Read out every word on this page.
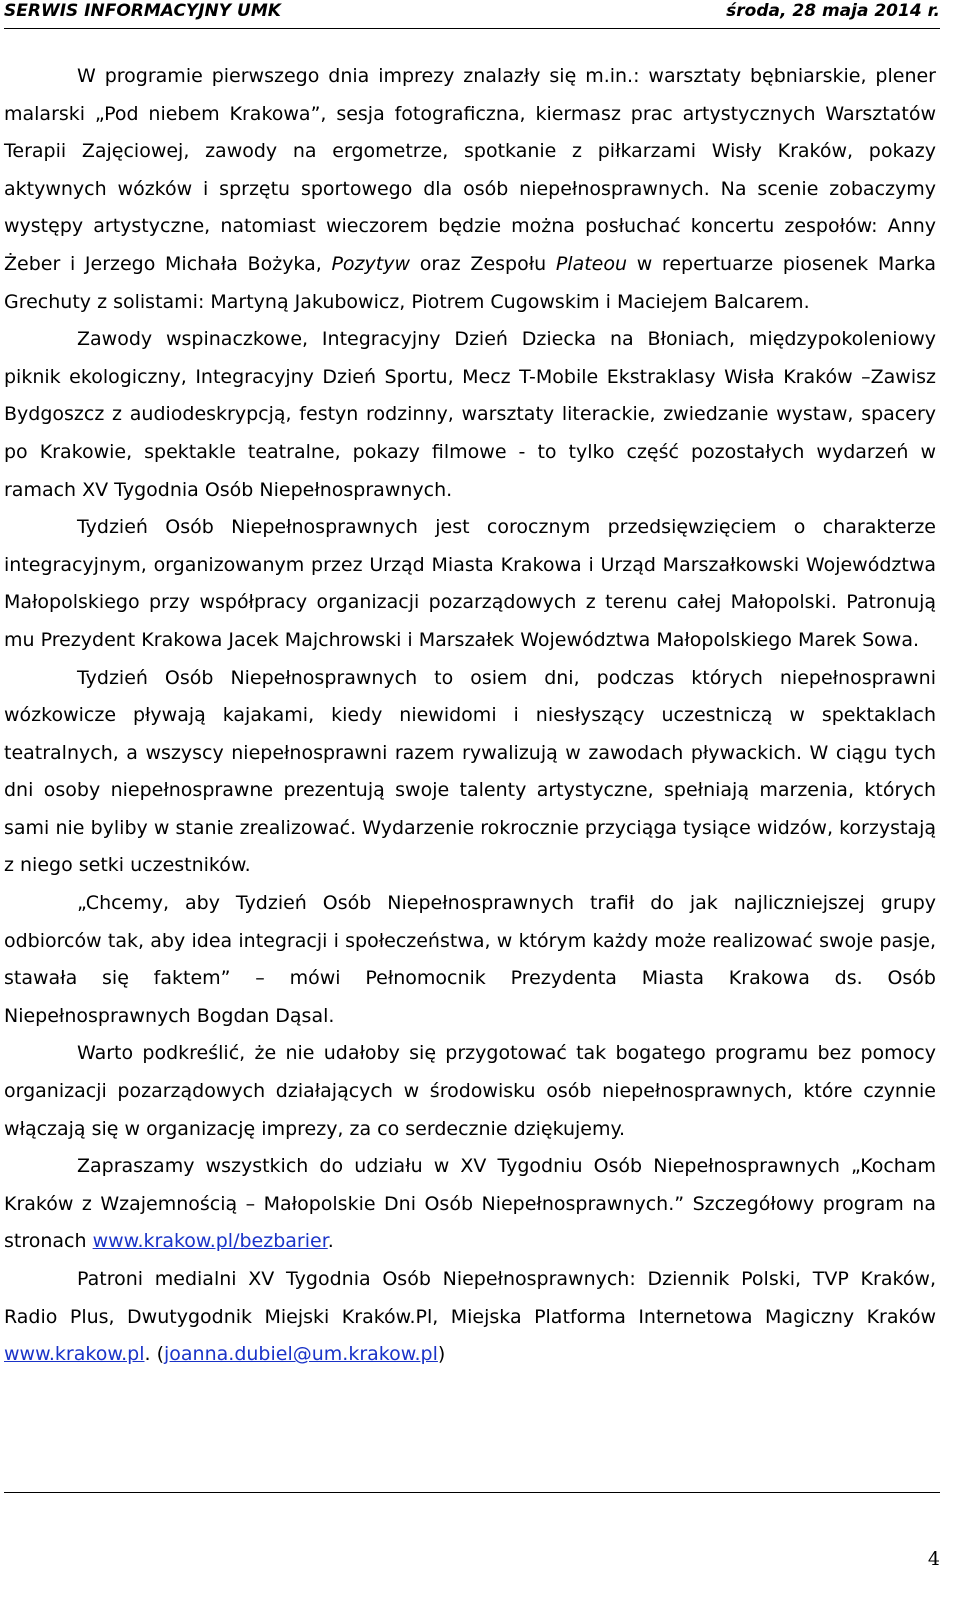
SERWIS INFORMACYJNY UMK	środa, 28 maja 2014 r.

W programie pierwszego dnia imprezy znalazły się m.in.: warsztaty bębniarskie, plener malarski „Pod niebem Krakowa”, sesja fotograficzna, kiermasz prac artystycznych Warsztatów Terapii Zajęciowej, zawody na ergometrze, spotkanie z piłkarzami Wisły Kraków, pokazy aktywnych wózków i sprzętu sportowego dla osób niepełnosprawnych. Na scenie zobaczymy występy artystyczne, natomiast wieczorem będzie można posłuchać koncertu zespołów: Anny Żeber i Jerzego Michała Bożyka, Pozytyw oraz Zespołu Plateou w repertuarze piosenek Marka Grechuty z solistami: Martyną Jakubowicz, Piotrem Cugowskim i Maciejem Balcarem.

Zawody wspinaczkowe, Integracyjny Dzień Dziecka na Błoniach, międzypokoleniowy piknik ekologiczny, Integracyjny Dzień Sportu, Mecz T-Mobile Ekstraklasy Wisła Kraków –Zawisz Bydgoszcz z audiodeskrypcją, festyn rodzinny, warsztaty literackie, zwiedzanie wystaw, spacery po Krakowie, spektakle teatralne, pokazy filmowe - to tylko część pozostałych wydarzeń w ramach XV Tygodnia Osób Niepełnosprawnych.

Tydzień Osób Niepełnosprawnych jest corocznym przedsięwzięciem o charakterze integracyjnym, organizowanym przez Urząd Miasta Krakowa i Urząd Marszałkowski Województwa Małopolskiego przy współpracy organizacji pozarządowych z terenu całej Małopolski. Patronują mu Prezydent Krakowa Jacek Majchrowski i Marszałek Województwa Małopolskiego Marek Sowa.

Tydzień Osób Niepełnosprawnych to osiem dni, podczas których niepełnosprawni wózkowicze pływają kajakami, kiedy niewidomi i niesłyszący uczestniczą w spektaklach teatralnych, a wszyscy niepełnosprawni razem rywalizują w zawodach pływackich. W ciągu tych dni osoby niepełnosprawne prezentują swoje talenty artystyczne, spełniają marzenia, których sami nie byliby w stanie zrealizować. Wydarzenie rokrocznie przyciąga tysiące widzów, korzystają z niego setki uczestników.

„Chcemy, aby Tydzień Osób Niepełnosprawnych trafił do jak najliczniejszej grupy odbiorców tak, aby idea integracji i społeczeństwa, w którym każdy może realizować swoje pasje, stawała się faktem” – mówi Pełnomocnik Prezydenta Miasta Krakowa ds. Osób Niepełnosprawnych Bogdan Dąsal.

Warto podkreślić, że nie udałoby się przygotować tak bogatego programu bez pomocy organizacji pozarządowych działających w środowisku osób niepełnosprawnych, które czynnie włączają się w organizację imprezy, za co serdecznie dziękujemy.

Zapraszamy wszystkich do udziału w XV Tygodniu Osób Niepełnosprawnych „Kocham Kraków z Wzajemnością – Małopolskie Dni Osób Niepełnosprawnych.” Szczegółowy program na stronach www.krakow.pl/bezbarier.

Patroni medialni XV Tygodnia Osób Niepełnosprawnych: Dziennik Polski, TVP Kraków, Radio Plus, Dwutygodnik Miejski Kraków.Pl, Miejska Platforma Internetowa Magiczny Kraków www.krakow.pl. (joanna.dubiel@um.krakow.pl)

4
